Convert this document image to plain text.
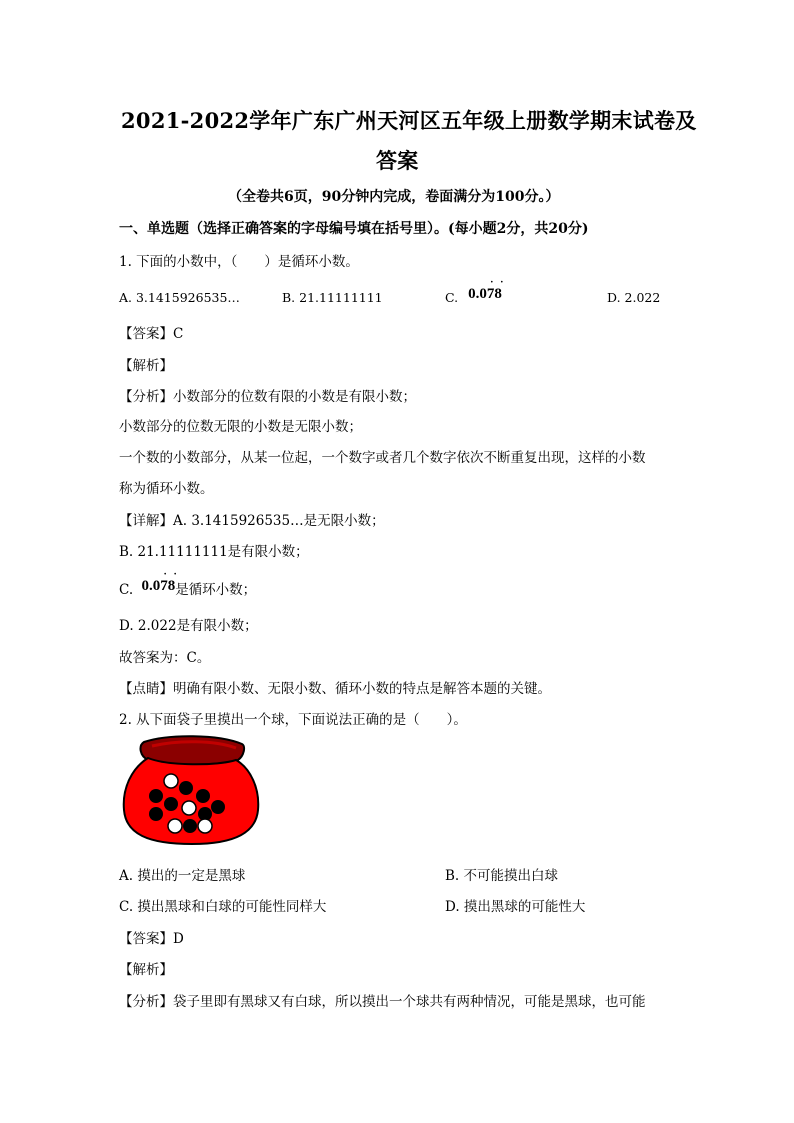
2021-2022学年广东广州天河区五年级上册数学期末试卷及
答案
（全卷共6页，90分钟内完成，卷面满分为100分。）
一、单选题（选择正确答案的字母编号填在括号里）。(每小题2分，共20分)
1. 下面的小数中，（　　）是循环小数。
A. 3.1415926535…	B. 21.11111111	C. 0.078
· ·
D. 2.022
【答案】C
【解析】
【分析】小数部分的位数有限的小数是有限小数；
小数部分的位数无限的小数是无限小数；
一个数的小数部分，从某一位起，一个数字或者几个数字依次不断重复出现，这样的小数
称为循环小数。
【详解】A. 3.1415926535…是无限小数；
B. 21.11111111是有限小数；
C. 0.078
· ·
是循环小数；
D. 2.022是有限小数；
故答案为：C。
【点睛】明确有限小数、无限小数、循环小数的特点是解答本题的关键。
2. 从下面袋子里摸出一个球，下面说法正确的是（　　）。
A. 摸出的一定是黑球	B. 不可能摸出白球
C. 摸出黑球和白球的可能性同样大	D. 摸出黑球的可能性大
【答案】D
【解析】
【分析】袋子里即有黑球又有白球，所以摸出一个球共有两种情况，可能是黑球，也可能
